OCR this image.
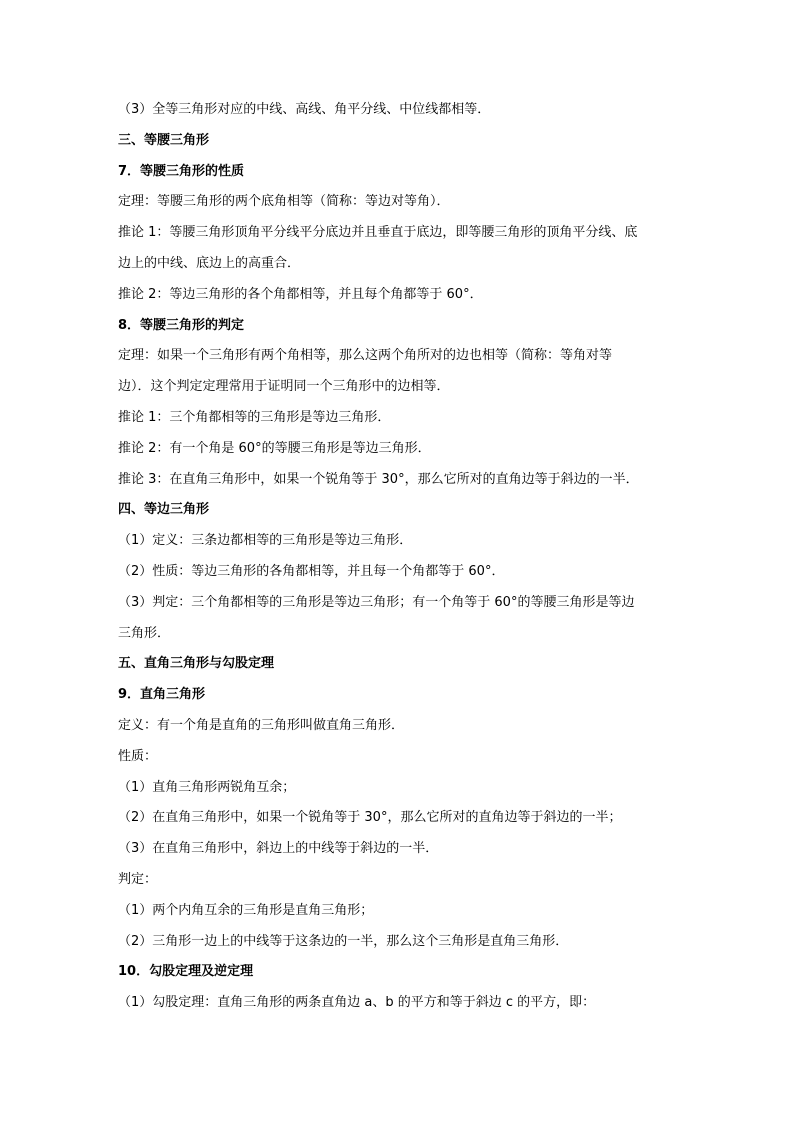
（3）全等三角形对应的中线、高线、角平分线、中位线都相等．
三、等腰三角形
7．等腰三角形的性质
定理：等腰三角形的两个底角相等（简称：等边对等角）．
推论 1：等腰三角形顶角平分线平分底边并且垂直于底边，即等腰三角形的顶角平分线、底
边上的中线、底边上的高重合．
推论 2：等边三角形的各个角都相等，并且每个角都等于 60°．
8．等腰三角形的判定
定理：如果一个三角形有两个角相等，那么这两个角所对的边也相等（简称：等角对等
边）．这个判定定理常用于证明同一个三角形中的边相等．
推论 1：三个角都相等的三角形是等边三角形．
推论 2：有一个角是 60°的等腰三角形是等边三角形．
推论 3：在直角三角形中，如果一个锐角等于 30°，那么它所对的直角边等于斜边的一半．
四、等边三角形
（1）定义：三条边都相等的三角形是等边三角形．
（2）性质：等边三角形的各角都相等，并且每一个角都等于 60°．
（3）判定：三个角都相等的三角形是等边三角形；有一个角等于 60°的等腰三角形是等边
三角形．
五、直角三角形与勾股定理
9．直角三角形
定义：有一个角是直角的三角形叫做直角三角形．
性质：
（1）直角三角形两锐角互余；
（2）在直角三角形中，如果一个锐角等于 30°，那么它所对的直角边等于斜边的一半；
（3）在直角三角形中，斜边上的中线等于斜边的一半．
判定：
（1）两个内角互余的三角形是直角三角形；
（2）三角形一边上的中线等于这条边的一半，那么这个三角形是直角三角形．
10．勾股定理及逆定理
（1）勾股定理：直角三角形的两条直角边 a、b 的平方和等于斜边 c 的平方，即：
